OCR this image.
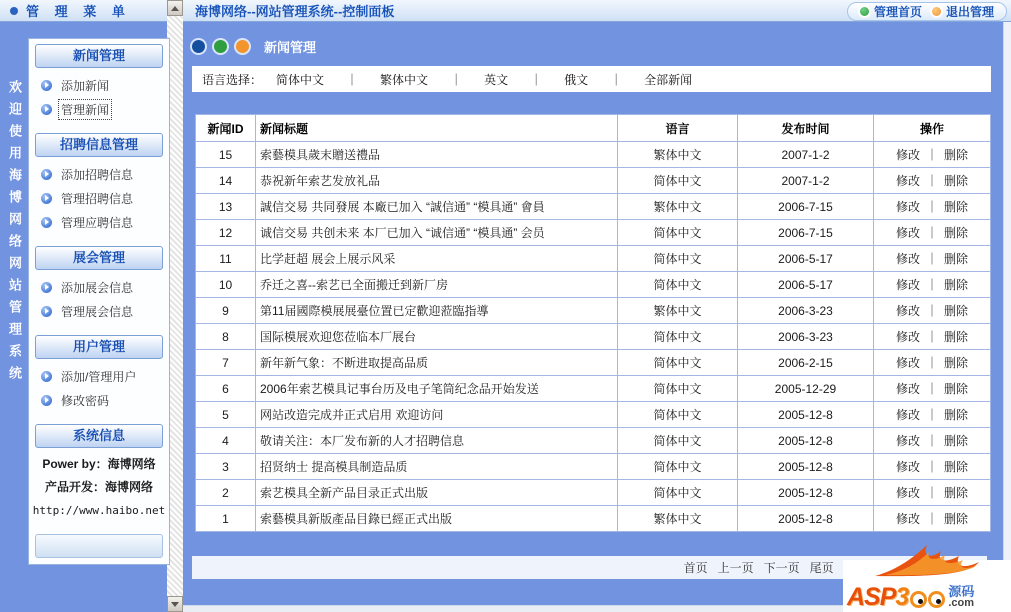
管 理 菜 单
欢迎使用海博网络网站管理系统
新闻管理
添加新闻
管理新闻
招聘信息管理
添加招聘信息
管理招聘信息
管理应聘信息
展会管理
添加展会信息
管理展会信息
用户管理
添加/管理用户
修改密码
系统信息
Power by：海博网络
产品开发：海博网络
http://www.haibo.net
海博网络--网站管理系统--控制面板	管理首页 退出管理
新闻管理
语言选择： 简体中文 ｜ 繁体中文 ｜ 英文 ｜ 俄文 ｜ 全部新闻
新闻ID	新闻标题	语言	发布时间	操作
15	索藝模具歲末贈送禮品	繁体中文	2007-1-2	修改 ｜ 删除
14	恭祝新年索艺发放礼品	简体中文	2007-1-2	修改 ｜ 删除
13	誠信交易 共同發展 本廠已加入 “誠信通” “模具通” 會員	繁体中文	2006-7-15	修改 ｜ 删除
12	诚信交易 共创未来 本厂已加入 “诚信通” “模具通” 会员	简体中文	2006-7-15	修改 ｜ 删除
11	比学赶超 展会上展示风采	简体中文	2006-5-17	修改 ｜ 删除
10	乔迁之喜--索艺已全面搬迁到新厂房	简体中文	2006-5-17	修改 ｜ 删除
9	第11届國際模展展臺位置已定歡迎蒞臨指導	繁体中文	2006-3-23	修改 ｜ 删除
8	国际模展欢迎您莅临本厂展台	简体中文	2006-3-23	修改 ｜ 删除
7	新年新气象：不断进取提高品质	简体中文	2006-2-15	修改 ｜ 删除
6	2006年索艺模具记事台历及电子笔筒纪念品开始发送	简体中文	2005-12-29	修改 ｜ 删除
5	网站改造完成并正式启用 欢迎访问	简体中文	2005-12-8	修改 ｜ 删除
4	敬请关注：本厂发布新的人才招聘信息	简体中文	2005-12-8	修改 ｜ 删除
3	招贤纳士 提高模具制造品质	简体中文	2005-12-8	修改 ｜ 删除
2	索艺模具全新产品目录正式出版	简体中文	2005-12-8	修改 ｜ 删除
1	索藝模具新版產品目錄已經正式出版	繁体中文	2005-12-8	修改 ｜ 删除
首页 上一页 下一页 尾页
ASP 3	源码
.com
